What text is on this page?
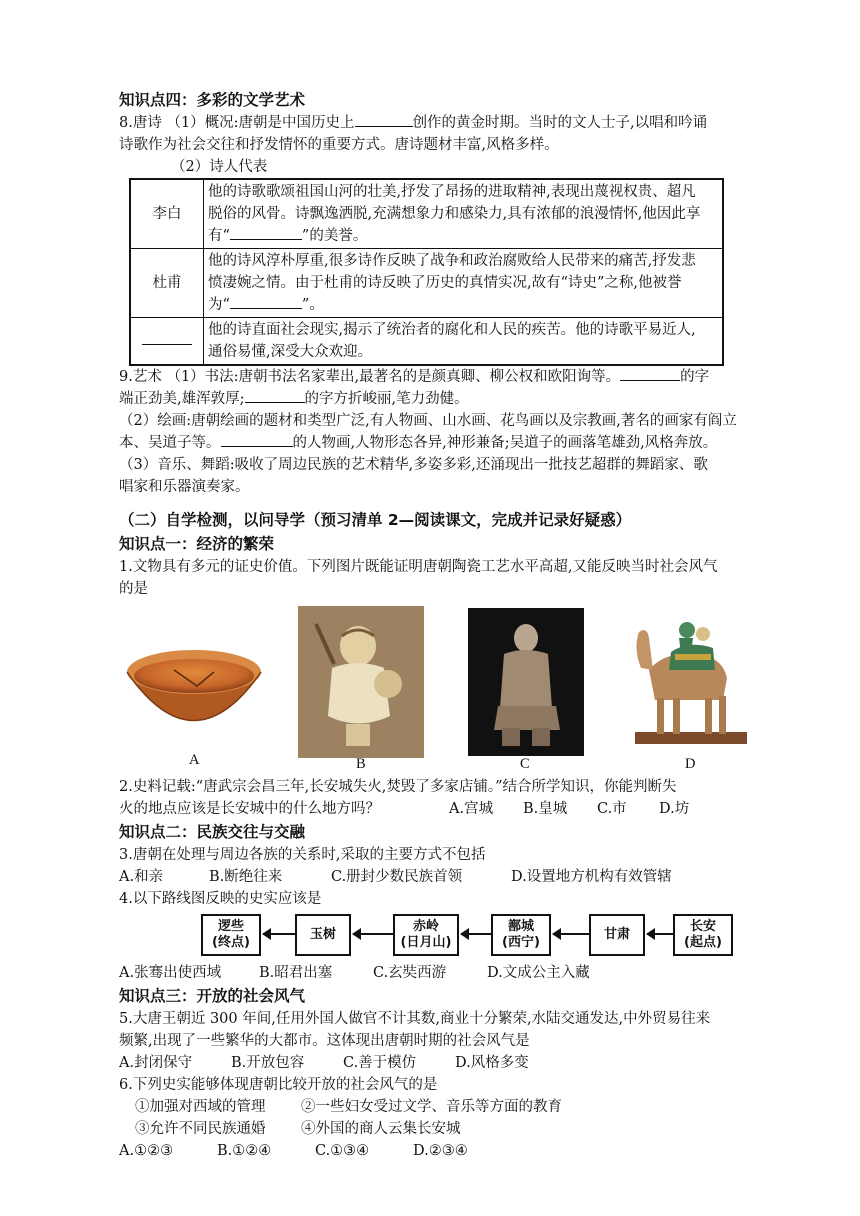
知识点四：多彩的文学艺术

8.唐诗 （1）概况:唐朝是中国历史上	创作的黄金时期。当时的文人士子,以唱和吟诵

诗歌作为社会交往和抒发情怀的重要方式。唐诗题材丰富,风格多样。

（2）诗人代表

李白	他的诗歌歌颂祖国山河的壮美,抒发了昂扬的进取精神,表现出蔑视权贵、超凡
脱俗的风骨。诗飘逸洒脱,充满想象力和感染力,具有浓郁的浪漫情怀,他因此享
有“ ”的美誉。

杜甫	他的诗风淳朴厚重,很多诗作反映了战争和政治腐败给人民带来的痛苦,抒发悲
愤凄婉之情。由于杜甫的诗反映了历史的真情实况,故有“诗史”之称,他被誉
为“ ”。

	他的诗直面社会现实,揭示了统治者的腐化和人民的疾苦。他的诗歌平易近人,
通俗易懂,深受大众欢迎。

9.艺术 （1）书法:唐朝书法名家辈出,最著名的是颜真卿、柳公权和欧阳询等。	的字

端正劲美,雄浑敦厚;	的字方折峻丽,笔力劲健。

（2）绘画:唐朝绘画的题材和类型广泛,有人物画、山水画、花鸟画以及宗教画,著名的画家有阎立

本、吴道子等。	的人物画,人物形态各异,神形兼备;吴道子的画落笔雄劲,风格奔放。

（3）音乐、舞蹈:吸收了周边民族的艺术精华,多姿多彩,还涌现出一批技艺超群的舞蹈家、歌

唱家和乐器演奏家。

（二）自学检测，以问导学（预习清单 2—阅读课文，完成并记录好疑惑）

知识点一：经济的繁荣

1.文物具有多元的证史价值。下列图片既能证明唐朝陶瓷工艺水平高超,又能反映当时社会风气

的是

A	B	C	D

2.史料记载:“唐武宗会昌三年,长安城失火,焚毁了多家店铺。”结合所学知识，你能判断失

火的地点应该是长安城中的什么地方吗？	A.宫城 B.皇城 C.市 D.坊

知识点二：民族交往与交融

3.唐朝在处理与周边各族的关系时,采取的主要方式不包括

A.和亲	B.断绝往来	C.册封少数民族首领	D.设置地方机构有效管辖

4.以下路线图反映的史实应该是

逻些
(终点)
玉树
赤岭
(日月山)
鄯城
(西宁)
甘肃
长安
(起点)

A.张骞出使西域	B.昭君出塞	C.玄奘西游	D.文成公主入藏

知识点三：开放的社会风气

5.大唐王朝近 300 年间,任用外国人做官不计其数,商业十分繁荣,水陆交通发达,中外贸易往来

频繁,出现了一些繁华的大都市。这体现出唐朝时期的社会风气是

A.封闭保守	B.开放包容	C.善于模仿	D.风格多变

6.下列史实能够体现唐朝比较开放的社会风气的是

①加强对西域的管理 ②一些妇女受过文学、音乐等方面的教育

③允许不同民族通婚 ④外国的商人云集长安城

A.①②③	B.①②④	C.①③④	D.②③④
